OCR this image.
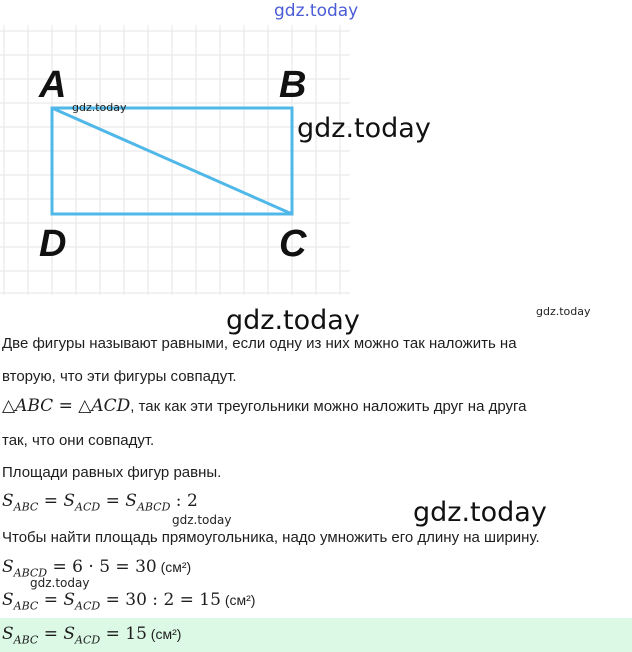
gdz.today
A	B
D	C
gdz.today
gdz.today
gdz.today	gdz.today
Две фигуры называют равными, если одну из них можно так наложить на
вторую, что эти фигуры совпадут.
△ABC = △ACD, так как эти треугольники можно наложить друг на друга
так, что они совпадут.
Площади равных фигур равны.
$S_{ABC} = S_{ACD} = S_{ABCD}$ : 2
gdz.today	gdz.today
Чтобы найти площадь прямоугольника, надо умножить его длину на ширину.
$S_{ABCD} = 6 \cdot 5 = 30$ (см²)
gdz.today
$S_{ABC} = S_{ACD} = 30$ : 2 = 15 (см²)
$S_{ABC} = S_{ACD} = 15$ (см²)
